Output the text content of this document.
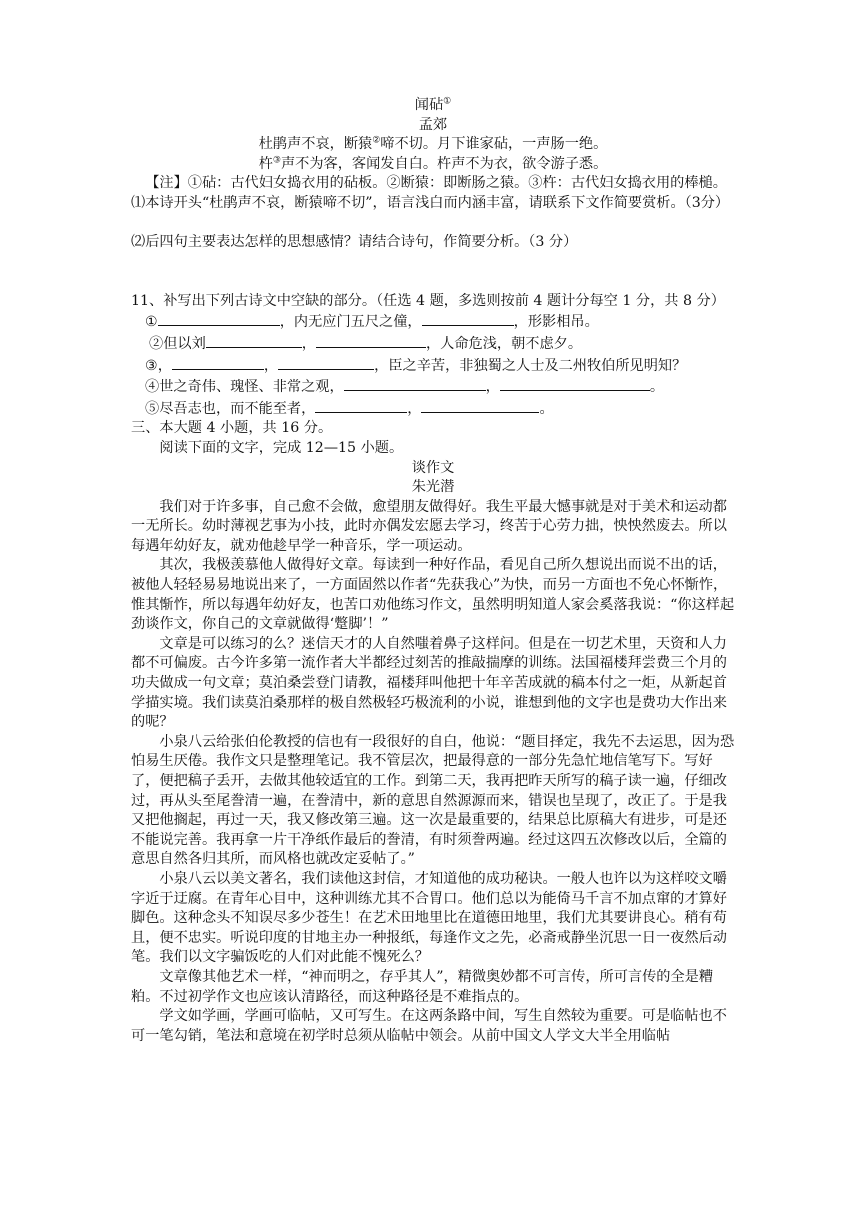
闻砧①
孟郊
杜鹃声不哀，断猿②啼不切。月下谁家砧，一声肠一绝。
杵③声不为客，客闻发自白。杵声不为衣，欲令游子悉。

【注】①砧：古代妇女捣衣用的砧板。②断猿：即断肠之猿。③杵：古代妇女捣衣用的棒槌。

⑴本诗开头“杜鹃声不哀，断猿啼不切”，语言浅白而内涵丰富，请联系下文作简要赏析。（3分）

⑵后四句主要表达怎样的思想感情？请结合诗句，作简要分析。（3 分）

11、补写出下列古诗文中空缺的部分。（任选 4 题，多选则按前 4 题计分每空 1 分，共 8 分）

①	，内无应门五尺之僮，	，形影相吊。
②但以刘	，	，人命危浅，朝不虑夕。
③，	，	，臣之辛苦，非独蜀之人士及二州牧伯所见明知？
④世之奇伟、瑰怪、非常之观，	，	。
⑤尽吾志也，而不能至者，	，	。

三、本大题 4 小题，共 16 分。

阅读下面的文字，完成 12—15 小题。

谈作文
朱光潜

我们对于许多事，自己愈不会做，愈望朋友做得好。我生平最大憾事就是对于美术和运动都一无所长。幼时薄视艺事为小技，此时亦偶发宏愿去学习，终苦于心劳力拙，怏怏然废去。所以每遇年幼好友，就劝他趁早学一种音乐，学一项运动。

其次，我极羡慕他人做得好文章。每读到一种好作品，看见自己所久想说出而说不出的话，被他人轻轻易易地说出来了，一方面固然以作者“先获我心”为快，而另一方面也不免心怀惭怍，惟其惭怍，所以每遇年幼好友，也苦口劝他练习作文，虽然明明知道人家会奚落我说：“你这样起劲谈作文，你自己的文章就做得‘蹩脚’！”

文章是可以练习的么？迷信天才的人自然嗤着鼻子这样问。但是在一切艺术里，天资和人力都不可偏废。古今许多第一流作者大半都经过刻苦的推敲揣摩的训练。法国福楼拜尝费三个月的功夫做成一句文章；莫泊桑尝登门请教，福楼拜叫他把十年辛苦成就的稿本付之一炬，从新起首学描实境。我们读莫泊桑那样的极自然极轻巧极流利的小说，谁想到他的文字也是费功大作出来的呢？

小泉八云给张伯伦教授的信也有一段很好的自白，他说：“题目择定，我先不去运思，因为恐怕易生厌倦。我作文只是整理笔记。我不管层次，把最得意的一部分先急忙地信笔写下。写好了，便把稿子丢开，去做其他较适宜的工作。到第二天，我再把昨天所写的稿子读一遍，仔细改过，再从头至尾誊清一遍，在誊清中，新的意思自然源源而来，错误也呈现了，改正了。于是我又把他搁起，再过一天，我又修改第三遍。这一次是最重要的，结果总比原稿大有进步，可是还不能说完善。我再拿一片干净纸作最后的誊清，有时须誊两遍。经过这四五次修改以后，全篇的意思自然各归其所，而风格也就改定妥帖了。”

小泉八云以美文著名，我们读他这封信，才知道他的成功秘诀。一般人也许以为这样咬文嚼字近于迂腐。在青年心目中，这种训练尤其不合胃口。他们总以为能倚马千言不加点窜的才算好脚色。这种念头不知误尽多少苍生！在艺术田地里比在道德田地里，我们尤其要讲良心。稍有苟且，便不忠实。听说印度的甘地主办一种报纸，每逢作文之先，必斋戒静坐沉思一日一夜然后动笔。我们以文字骗饭吃的人们对此能不愧死么？

文章像其他艺术一样，“神而明之，存乎其人”，精微奥妙都不可言传，所可言传的全是糟粕。不过初学作文也应该认清路径，而这种路径是不难指点的。

学文如学画，学画可临帖，又可写生。在这两条路中间，写生自然较为重要。可是临帖也不可一笔勾销，笔法和意境在初学时总须从临帖中领会。从前中国文人学文大半全用临帖
